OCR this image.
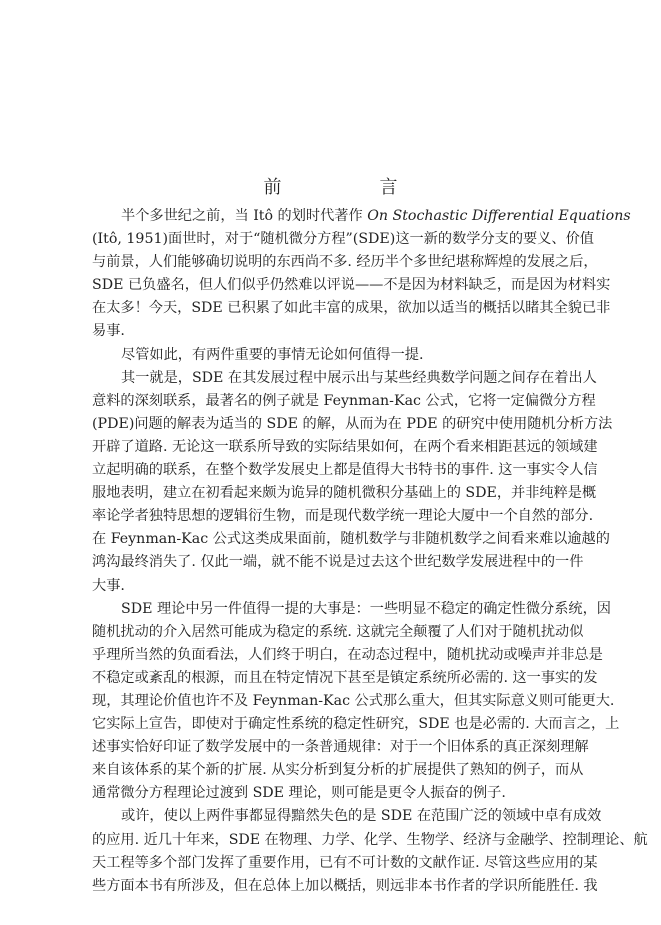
前　言
半个多世纪之前，当 Itô 的划时代著作 On Stochastic Differential Equations
(Itô, 1951)面世时，对于“随机微分方程”(SDE)这一新的数学分支的要义、价值
与前景，人们能够确切说明的东西尚不多. 经历半个多世纪堪称辉煌的发展之后，
SDE 已负盛名，但人们似乎仍然难以评说——不是因为材料缺乏，而是因为材料实
在太多！今天，SDE 已积累了如此丰富的成果，欲加以适当的概括以睹其全貌已非
易事.
尽管如此，有两件重要的事情无论如何值得一提.
其一就是，SDE 在其发展过程中展示出与某些经典数学问题之间存在着出人
意料的深刻联系，最著名的例子就是 Feynman-Kac 公式，它将一定偏微分方程
(PDE)问题的解表为适当的 SDE 的解，从而为在 PDE 的研究中使用随机分析方法
开辟了道路. 无论这一联系所导致的实际结果如何，在两个看来相距甚远的领域建
立起明确的联系，在整个数学发展史上都是值得大书特书的事件. 这一事实令人信
服地表明，建立在初看起来颇为诡异的随机微积分基础上的 SDE，并非纯粹是概
率论学者独特思想的逻辑衍生物，而是现代数学统一理论大厦中一个自然的部分.
在 Feynman-Kac 公式这类成果面前，随机数学与非随机数学之间看来难以逾越的
鸿沟最终消失了. 仅此一端，就不能不说是过去这个世纪数学发展进程中的一件
大事.
SDE 理论中另一件值得一提的大事是：一些明显不稳定的确定性微分系统，因
随机扰动的介入居然可能成为稳定的系统. 这就完全颠覆了人们对于随机扰动似
乎理所当然的负面看法，人们终于明白，在动态过程中，随机扰动或噪声并非总是
不稳定或紊乱的根源，而且在特定情况下甚至是镇定系统所必需的. 这一事实的发
现，其理论价值也许不及 Feynman-Kac 公式那么重大，但其实际意义则可能更大.
它实际上宣告，即使对于确定性系统的稳定性研究，SDE 也是必需的. 大而言之，上
述事实恰好印证了数学发展中的一条普通规律：对于一个旧体系的真正深刻理解
来自该体系的某个新的扩展. 从实分析到复分析的扩展提供了熟知的例子，而从
通常微分方程理论过渡到 SDE 理论，则可能是更令人振奋的例子.
或许，使以上两件事都显得黯然失色的是 SDE 在范围广泛的领域中卓有成效
的应用. 近几十年来，SDE 在物理、力学、化学、生物学、经济与金融学、控制理论、航
天工程等多个部门发挥了重要作用，已有不可计数的文献作证. 尽管这些应用的某
些方面本书有所涉及，但在总体上加以概括，则远非本书作者的学识所能胜任. 我
